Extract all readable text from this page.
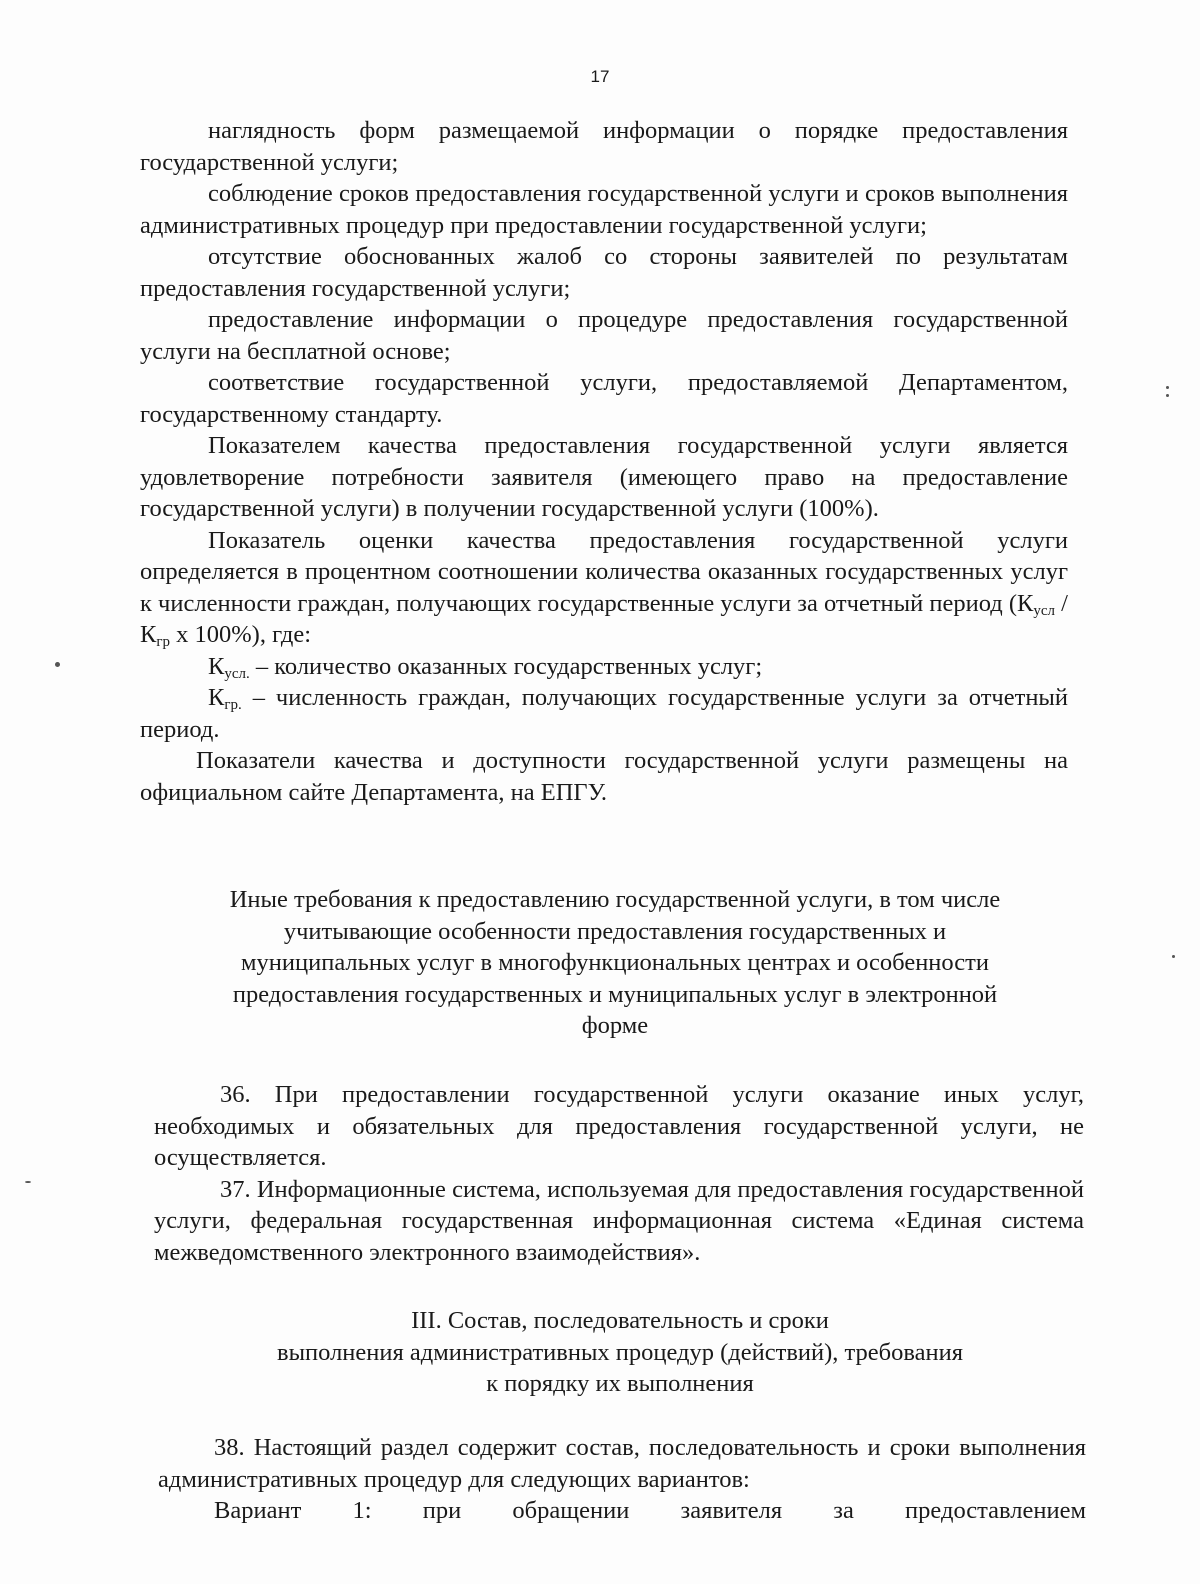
17

наглядность форм размещаемой информации о порядке предоставления государственной услуги;

соблюдение сроков предоставления государственной услуги и сроков выполнения административных процедур при предоставлении государственной услуги;

отсутствие обоснованных жалоб со стороны заявителей по результатам предоставления государственной услуги;

предоставление информации о процедуре предоставления государственной услуги на бесплатной основе;

соответствие государственной услуги, предоставляемой Департаментом, государственному стандарту.

Показателем качества предоставления государственной услуги является удовлетворение потребности заявителя (имеющего право на предоставление государственной услуги) в получении государственной услуги (100%).

Показатель оценки качества предоставления государственной услуги определяется в процентном соотношении количества оказанных государственных услуг к численности граждан, получающих государственные услуги за отчетный период ($К_{усл} / К_{гр}$ х 100%), где:

$К_{усл.}$ – количество оказанных государственных услуг;

$К_{гр.}$ – численность граждан, получающих государственные услуги за отчетный период.

Показатели качества и доступности государственной услуги размещены на официальном сайте Департамента, на ЕПГУ.

Иные требования к предоставлению государственной услуги, в том числе

учитывающие особенности предоставления государственных и

муниципальных услуг в многофункциональных центрах и особенности

предоставления государственных и муниципальных услуг в электронной

форме

36. При предоставлении государственной услуги оказание иных услуг, необходимых и обязательных для предоставления государственной услуги, не осуществляется.

37. Информационные система, используемая для предоставления государственной услуги, федеральная государственная информационная система «Единая система межведомственного электронного взаимодействия».

III. Состав, последовательность и сроки

выполнения административных процедур (действий), требования

к порядку их выполнения

38. Настоящий раздел содержит состав, последовательность и сроки выполнения административных процедур для следующих вариантов:

Вариант 1: при обращении заявителя за предоставлением
